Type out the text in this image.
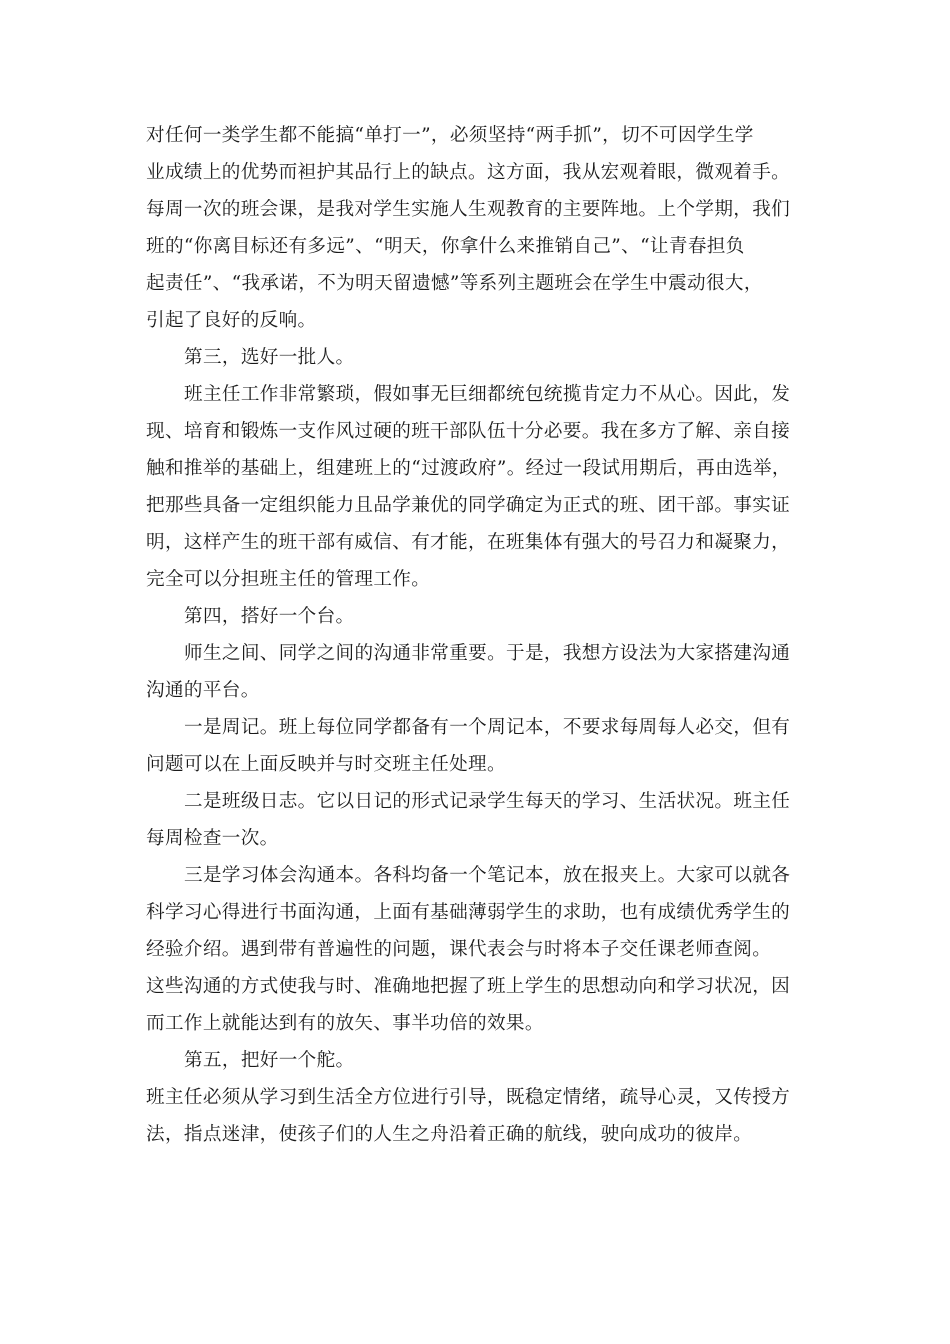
对任何一类学生都不能搞“单打一”，必须坚持“两手抓”，切不可因学生学
业成绩上的优势而袒护其品行上的缺点。这方面，我从宏观着眼，微观着手。
每周一次的班会课，是我对学生实施人生观教育的主要阵地。上个学期，我们
班的“你离目标还有多远”、“明天，你拿什么来推销自己”、“让青春担负
起责任”、“我承诺，不为明天留遗憾”等系列主题班会在学生中震动很大，
引起了良好的反响。
第三，选好一批人。
班主任工作非常繁琐，假如事无巨细都统包统揽肯定力不从心。因此，发
现、培育和锻炼一支作风过硬的班干部队伍十分必要。我在多方了解、亲自接
触和推举的基础上，组建班上的“过渡政府”。经过一段试用期后，再由选举，
把那些具备一定组织能力且品学兼优的同学确定为正式的班、团干部。事实证
明，这样产生的班干部有威信、有才能，在班集体有强大的号召力和凝聚力，
完全可以分担班主任的管理工作。
第四，搭好一个台。
师生之间、同学之间的沟通非常重要。于是，我想方设法为大家搭建沟通
沟通的平台。
一是周记。班上每位同学都备有一个周记本，不要求每周每人必交，但有
问题可以在上面反映并与时交班主任处理。
二是班级日志。它以日记的形式记录学生每天的学习、生活状况。班主任
每周检查一次。
三是学习体会沟通本。各科均备一个笔记本，放在报夹上。大家可以就各
科学习心得进行书面沟通，上面有基础薄弱学生的求助，也有成绩优秀学生的
经验介绍。遇到带有普遍性的问题，课代表会与时将本子交任课老师查阅。
这些沟通的方式使我与时、准确地把握了班上学生的思想动向和学习状况，因
而工作上就能达到有的放矢、事半功倍的效果。
第五，把好一个舵。
班主任必须从学习到生活全方位进行引导，既稳定情绪，疏导心灵，又传授方
法，指点迷津，使孩子们的人生之舟沿着正确的航线，驶向成功的彼岸。
